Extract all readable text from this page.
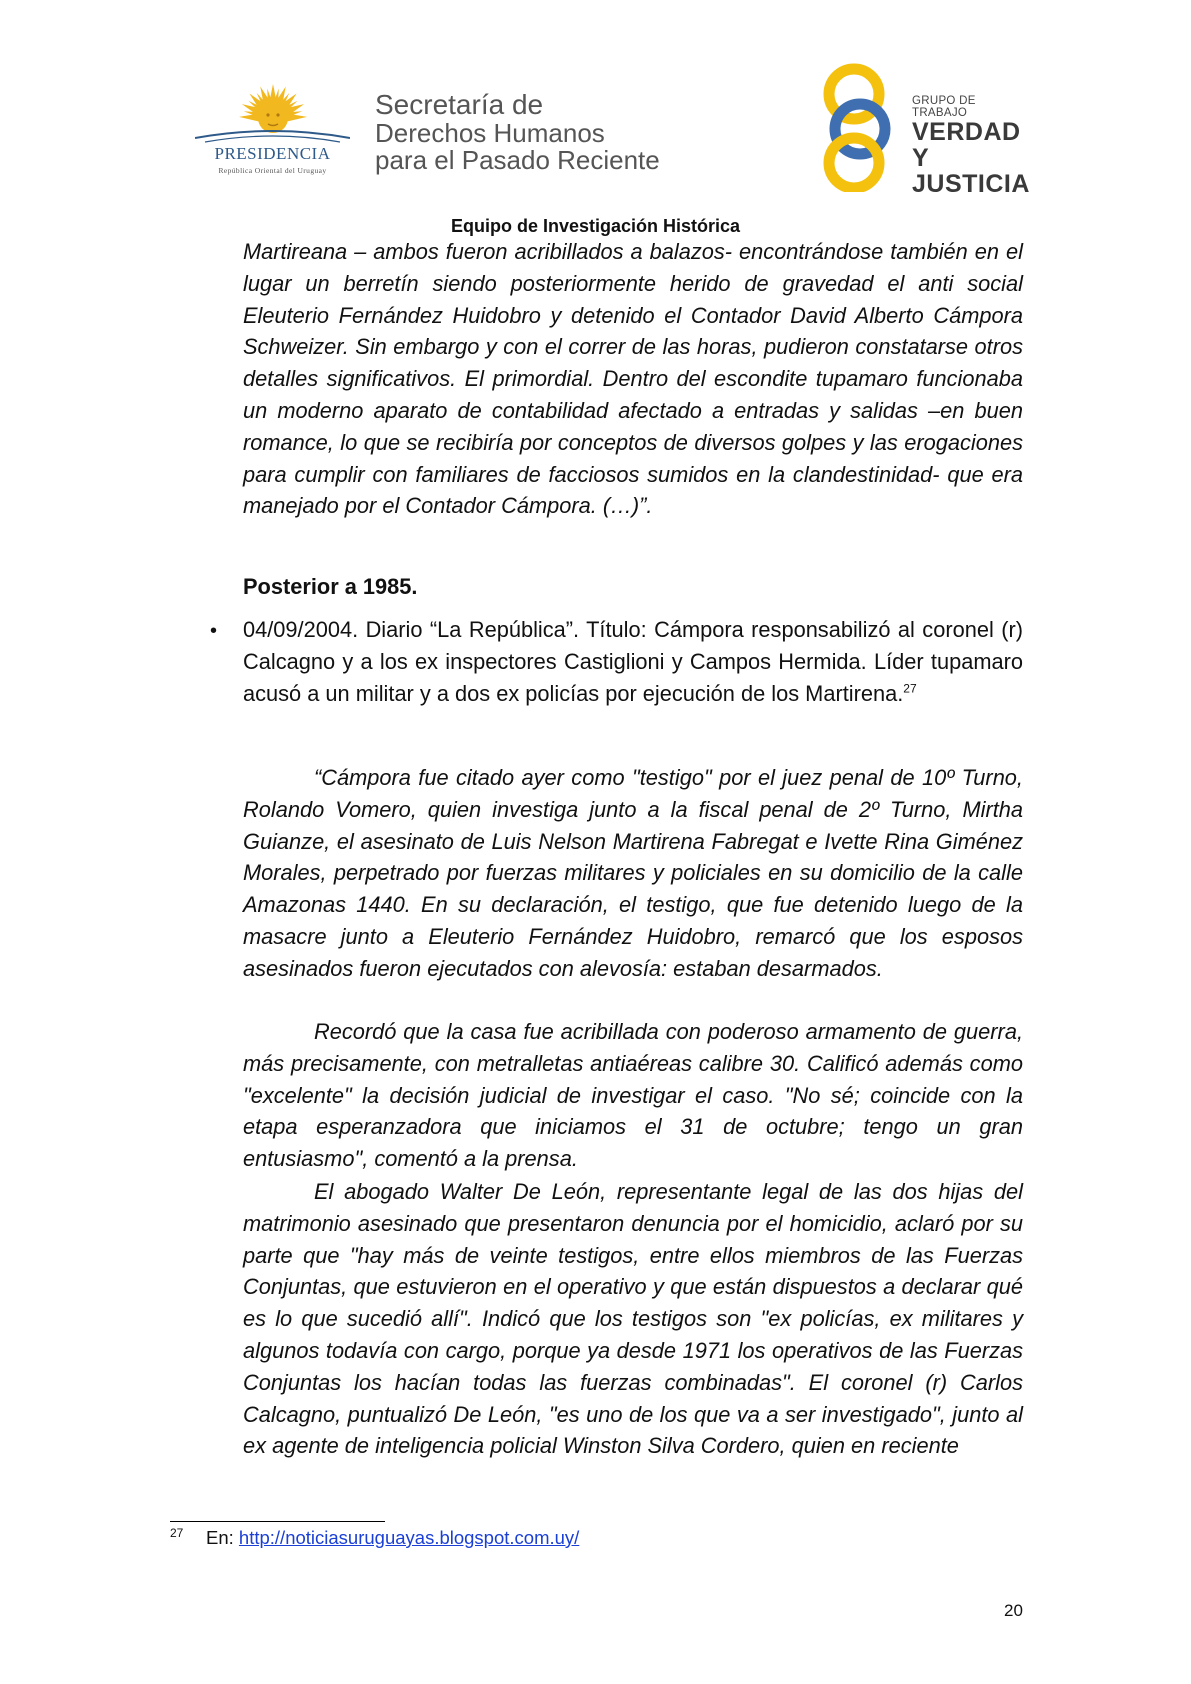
PRESIDENCIA
República Oriental del Uruguay
Secretaría de
Derechos Humanos
para el Pasado Reciente
GRUPO DE TRABAJO
VERDAD Y
JUSTICIA
Equipo de Investigación Histórica
Martireana – ambos fueron acribillados a balazos- encontrándose también en el lugar un berretín siendo posteriormente herido de gravedad el anti social Eleuterio Fernández Huidobro y detenido el Contador David Alberto Cámpora Schweizer. Sin embargo y con el correr de las horas, pudieron constatarse otros detalles significativos. El primordial. Dentro del escondite tupamaro funcionaba un moderno aparato de contabilidad afectado a entradas y salidas –en buen romance, lo que se recibiría por conceptos de diversos golpes y las erogaciones para cumplir con familiares de facciosos sumidos en la clandestinidad- que era manejado por el Contador Cámpora. (…)”.
Posterior a 1985.
• 04/09/2004. Diario “La República”. Título: Cámpora responsabilizó al coronel (r) Calcagno y a los ex inspectores Castiglioni y Campos Hermida. Líder tupamaro acusó a un militar y a dos ex policías por ejecución de los Martirena.$^{27}$
“Cámpora fue citado ayer como "testigo" por el juez penal de 10º Turno, Rolando Vomero, quien investiga junto a la fiscal penal de 2º Turno, Mirtha Guianze, el asesinato de Luis Nelson Martirena Fabregat e Ivette Rina Giménez Morales, perpetrado por fuerzas militares y policiales en su domicilio de la calle Amazonas 1440. En su declaración, el testigo, que fue detenido luego de la masacre junto a Eleuterio Fernández Huidobro, remarcó que los esposos asesinados fueron ejecutados con alevosía: estaban desarmados.
Recordó que la casa fue acribillada con poderoso armamento de guerra, más precisamente, con metralletas antiaéreas calibre 30. Calificó además como "excelente" la decisión judicial de investigar el caso. "No sé; coincide con la etapa esperanzadora que iniciamos el 31 de octubre; tengo un gran entusiasmo", comentó a la prensa.
El abogado Walter De León, representante legal de las dos hijas del matrimonio asesinado que presentaron denuncia por el homicidio, aclaró por su parte que "hay más de veinte testigos, entre ellos miembros de las Fuerzas Conjuntas, que estuvieron en el operativo y que están dispuestos a declarar qué es lo que sucedió allí". Indicó que los testigos son "ex policías, ex militares y algunos todavía con cargo, porque ya desde 1971 los operativos de las Fuerzas Conjuntas los hacían todas las fuerzas combinadas". El coronel (r) Carlos Calcagno, puntualizó De León, "es uno de los que va a ser investigado", junto al ex agente de inteligencia policial Winston Silva Cordero, quien en reciente
27 En: http://noticiasuruguayas.blogspot.com.uy/
20
